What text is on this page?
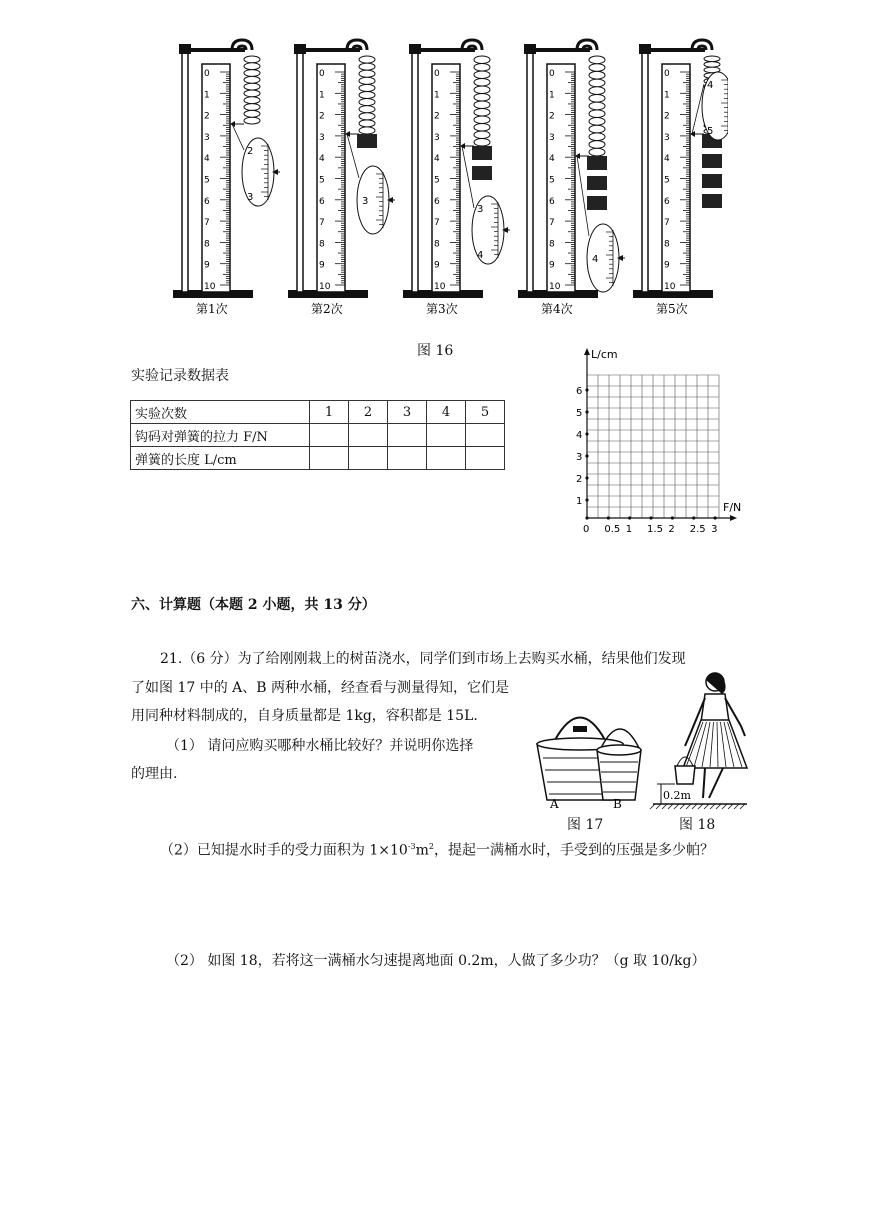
0
1
2
3
4
5
6
7
8
9
10
2
3
第1次
0
1
2
3
4
5
6
7
8
9
10
3
第2次
0
1
2
3
4
5
6
7
8
9
10
3
4
第3次
0
1
2
3
4
5
6
7
8
9
10
4
第4次
0
1
2
3
4
5
6
7
8
9
10
4
5
第5次
图 16
实验记录数据表
实验次数	1	2	3	4	5
钩码对弹簧的拉力 F/N					
弹簧的长度 L/cm					
L/cm
F/N
1
2
3
4
5
6
0 0.5 1 1.5 2 2.5 3
六、计算题（本题 2 小题，共 13 分）
21.（6 分）为了给刚刚栽上的树苗浇水，同学们到市场上去购买水桶，结果他们发现
了如图 17 中的 A、B 两种水桶，经查看与测量得知，它们是
用同种材料制成的，自身质量都是 1kg，容积都是 15L.
（1） 请问应购买哪种水桶比较好？并说明你选择
的理由.
A	B
0.2m
图 17	图 18
（2）已知提水时手的受力面积为 $1\times 10^{-3}m^2$，提起一满桶水时，手受到的压强是多少帕？
（2） 如图 18，若将这一满桶水匀速提离地面 0.2m，人做了多少功？（g 取 10/kg）
